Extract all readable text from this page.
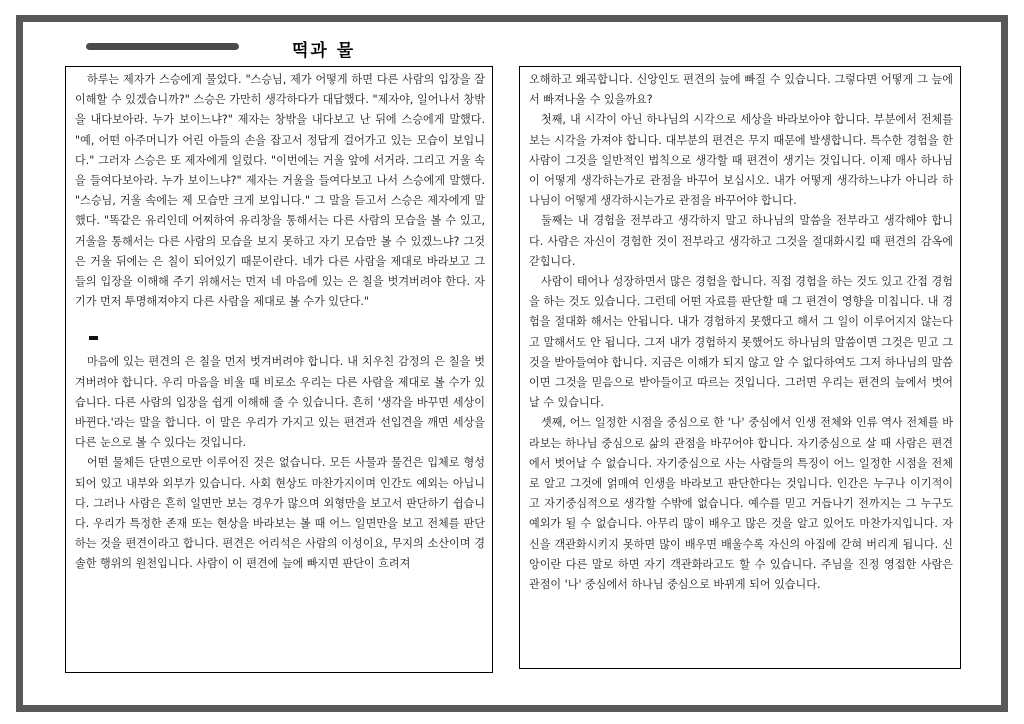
떡과 물

하루는 제자가 스승에게 물었다. "스승님, 제가 어떻게 하면 다른 사람의 입장을 잘 이해할 수 있겠습니까?" 스승은 가만히 생각하다가 대답했다. "제자야, 일어나서 창밖을 내다보아라. 누가 보이느냐?" 제자는 창밖을 내다보고 난 뒤에 스승에게 말했다. "예, 어떤 아주머니가 어린 아들의 손을 잡고서 정답게 걸어가고 있는 모습이 보입니다." 그러자 스승은 또 제자에게 일렀다. "이번에는 거울 앞에 서거라. 그리고 거울 속을 들여다보아라. 누가 보이느냐?" 제자는 거울을 들여다보고 나서 스승에게 말했다. "스승님, 거울 속에는 제 모습만 크게 보입니다." 그 말을 듣고서 스승은 제자에게 말했다. "똑같은 유리인데 어찌하여 유리창을 통해서는 다른 사람의 모습을 볼 수 있고, 거울을 통해서는 다른 사람의 모습을 보지 못하고 자기 모습만 볼 수 있겠느냐? 그것은 거울 뒤에는 은 칠이 되어있기 때문이란다. 네가 다른 사람을 제대로 바라보고 그들의 입장을 이해해 주기 위해서는 먼저 네 마음에 있는 은 칠을 벗겨버려야 한다. 자기가 먼저 투명해져야지 다른 사람을 제대로 볼 수가 있단다."

마음에 있는 편견의 은 칠을 먼저 벗겨버려야 합니다. 내 치우친 감정의 은 칠을 벗겨버려야 합니다. 우리 마음을 비울 때 비로소 우리는 다른 사람을 제대로 볼 수가 있습니다. 다른 사람의 입장을 쉽게 이해해 줄 수 있습니다. 흔히 '생각을 바꾸면 세상이 바뀐다.'라는 말을 합니다. 이 말은 우리가 가지고 있는 편견과 선입견을 깨면 세상을 다른 눈으로 볼 수 있다는 것입니다.

어떤 물체든 단면으로만 이루어진 것은 없습니다. 모든 사물과 물건은 입체로 형성되어 있고 내부와 외부가 있습니다. 사회 현상도 마찬가지이며 인간도 예외는 아닙니다. 그러나 사람은 흔히 일면만 보는 경우가 많으며 외형만을 보고서 판단하기 쉽습니다. 우리가 특정한 존재 또는 현상을 바라보는 볼 때 어느 일면만을 보고 전체를 판단하는 것을 편견이라고 합니다. 편견은 어리석은 사람의 이성이요, 무지의 소산이며 경솔한 행위의 원천입니다. 사람이 이 편견에 늪에 빠지면 판단이 흐려져

오해하고 왜곡합니다. 신앙인도 편견의 늪에 빠질 수 있습니다. 그렇다면 어떻게 그 늪에서 빠져나올 수 있을까요?

첫째, 내 시각이 아닌 하나님의 시각으로 세상을 바라보아야 합니다. 부분에서 전체를 보는 시각을 가져야 합니다. 대부분의 편견은 무지 때문에 발생합니다. 특수한 경험을 한 사람이 그것을 일반적인 법칙으로 생각할 때 편견이 생기는 것입니다. 이제 매사 하나님이 어떻게 생각하는가로 관점을 바꾸어 보십시오. 내가 어떻게 생각하느냐가 아니라 하나님이 어떻게 생각하시는가로 관점을 바꾸어야 합니다.

둘째는 내 경험을 전부라고 생각하지 말고 하나님의 말씀을 전부라고 생각해야 합니다. 사람은 자신이 경험한 것이 전부라고 생각하고 그것을 절대화시킬 때 편견의 감옥에 갇힙니다.

사람이 태어나 성장하면서 많은 경험을 합니다. 직접 경험을 하는 것도 있고 간접 경험을 하는 것도 있습니다. 그런데 어떤 자료를 판단할 때 그 편견이 영향을 미칩니다. 내 경험을 절대화 해서는 안됩니다. 내가 경험하지 못했다고 해서 그 일이 이루어지지 않는다고 말해서도 안 됩니다. 그저 내가 경험하지 못했어도 하나님의 말씀이면 그것은 믿고 그것을 받아들여야 합니다. 지금은 이해가 되지 않고 알 수 없다하여도 그저 하나님의 말씀이면 그것을 믿음으로 받아들이고 따르는 것입니다. 그러면 우리는 편견의 늪에서 벗어날 수 있습니다.

셋째, 어느 일정한 시점을 중심으로 한 '나' 중심에서 인생 전체와 인류 역사 전체를 바라보는 하나님 중심으로 삶의 관점을 바꾸어야 합니다. 자기중심으로 살 때 사람은 편견에서 벗어날 수 없습니다. 자기중심으로 사는 사람들의 특징이 어느 일정한 시점을 전체로 알고 그것에 얽매여 인생을 바라보고 판단한다는 것입니다. 인간은 누구나 이기적이고 자기중심적으로 생각할 수밖에 없습니다. 예수를 믿고 거듭나기 전까지는 그 누구도 예외가 될 수 없습니다. 아무리 많이 배우고 많은 것을 알고 있어도 마찬가지입니다. 자신을 객관화시키지 못하면 많이 배우면 배울수록 자신의 아집에 갇혀 버리게 됩니다. 신앙이란 다른 말로 하면 자기 객관화라고도 할 수 있습니다. 주님을 진정 영접한 사람은 관점이 '나' 중심에서 하나님 중심으로 바뀌게 되어 있습니다.
